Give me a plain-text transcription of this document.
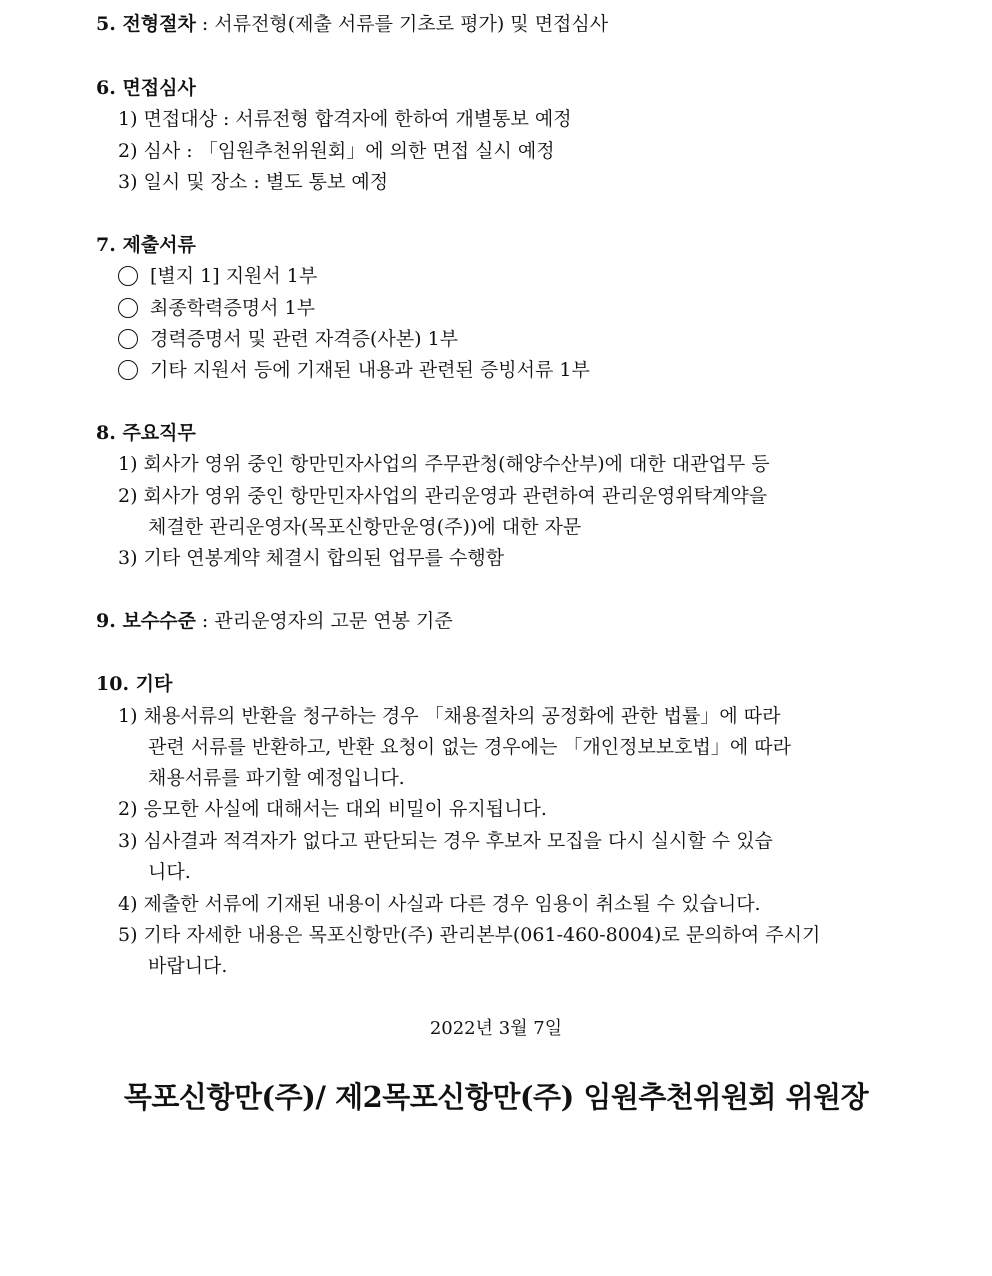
5. 전형절차 : 서류전형(제출 서류를 기초로 평가) 및 면접심사
6. 면접심사
1) 면접대상 : 서류전형 합격자에 한하여 개별통보 예정
2) 심사 : 「임원추천위원회」에 의한 면접 실시 예정
3) 일시 및 장소 : 별도 통보 예정
7. 제출서류
[별지 1] 지원서 1부
최종학력증명서 1부
경력증명서 및 관련 자격증(사본) 1부
기타 지원서 등에 기재된 내용과 관련된 증빙서류 1부
8. 주요직무
1) 회사가 영위 중인 항만민자사업의 주무관청(해양수산부)에 대한 대관업무 등
2) 회사가 영위 중인 항만민자사업의 관리운영과 관련하여 관리운영위탁계약을
체결한 관리운영자(목포신항만운영(주))에 대한 자문
3) 기타 연봉계약 체결시 합의된 업무를 수행함
9. 보수수준 : 관리운영자의 고문 연봉 기준
10. 기타
1) 채용서류의 반환을 청구하는 경우 「채용절차의 공정화에 관한 법률」에 따라
관련 서류를 반환하고, 반환 요청이 없는 경우에는 「개인정보보호법」에 따라
채용서류를 파기할 예정입니다.
2) 응모한 사실에 대해서는 대외 비밀이 유지됩니다.
3) 심사결과 적격자가 없다고 판단되는 경우 후보자 모집을 다시 실시할 수 있습
니다.
4) 제출한 서류에 기재된 내용이 사실과 다른 경우 임용이 취소될 수 있습니다.
5) 기타 자세한 내용은 목포신항만(주) 관리본부(061-460-8004)로 문의하여 주시기
바랍니다.
2022년 3월 7일
목포신항만(주)/ 제2목포신항만(주) 임원추천위원회 위원장
